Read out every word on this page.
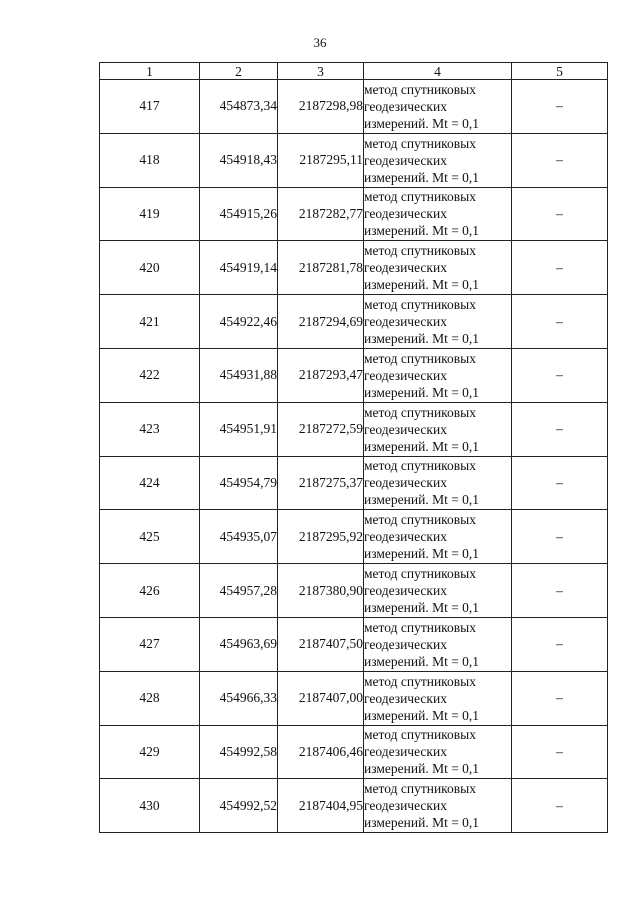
36
1	2	3	4	5
417	454873,34	2187298,98	метод спутниковых
геодезических
измерений. Mt = 0,1	–
418	454918,43	2187295,11	метод спутниковых
геодезических
измерений. Mt = 0,1	–
419	454915,26	2187282,77	метод спутниковых
геодезических
измерений. Mt = 0,1	–
420	454919,14	2187281,78	метод спутниковых
геодезических
измерений. Mt = 0,1	–
421	454922,46	2187294,69	метод спутниковых
геодезических
измерений. Mt = 0,1	–
422	454931,88	2187293,47	метод спутниковых
геодезических
измерений. Mt = 0,1	–
423	454951,91	2187272,59	метод спутниковых
геодезических
измерений. Mt = 0,1	–
424	454954,79	2187275,37	метод спутниковых
геодезических
измерений. Mt = 0,1	–
425	454935,07	2187295,92	метод спутниковых
геодезических
измерений. Mt = 0,1	–
426	454957,28	2187380,90	метод спутниковых
геодезических
измерений. Mt = 0,1	–
427	454963,69	2187407,50	метод спутниковых
геодезических
измерений. Mt = 0,1	–
428	454966,33	2187407,00	метод спутниковых
геодезических
измерений. Mt = 0,1	–
429	454992,58	2187406,46	метод спутниковых
геодезических
измерений. Mt = 0,1	–
430	454992,52	2187404,95	метод спутниковых
геодезических
измерений. Mt = 0,1	–
